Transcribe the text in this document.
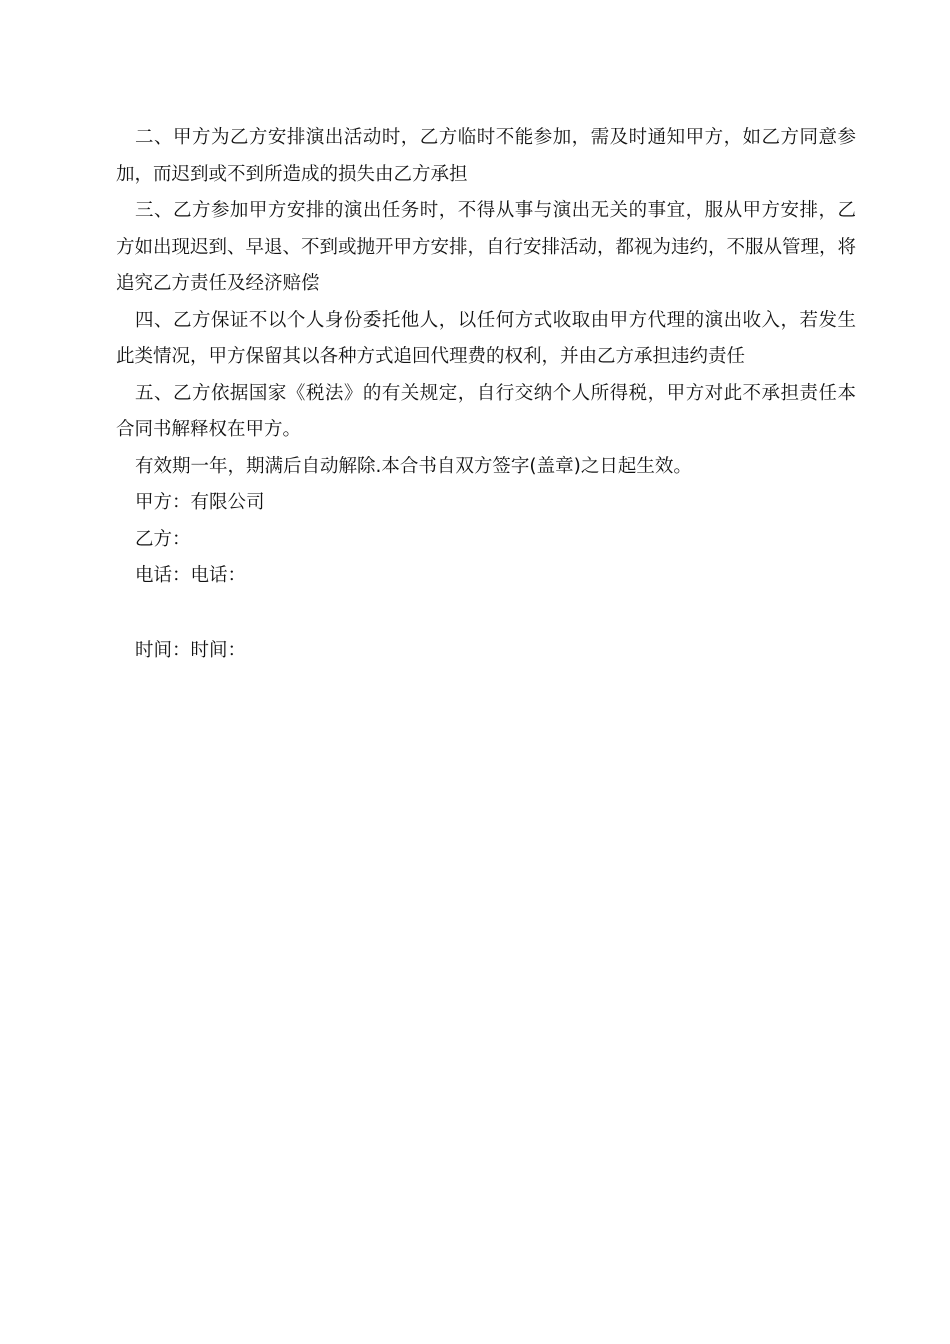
二、甲方为乙方安排演出活动时，乙方临时不能参加，需及时通知甲方，如乙方同意参加，而迟到或不到所造成的损失由乙方承担

三、乙方参加甲方安排的演出任务时，不得从事与演出无关的事宜，服从甲方安排，乙方如出现迟到、早退、不到或抛开甲方安排，自行安排活动，都视为违约，不服从管理，将追究乙方责任及经济赔偿

四、乙方保证不以个人身份委托他人，以任何方式收取由甲方代理的演出收入，若发生此类情况，甲方保留其以各种方式追回代理费的权利，并由乙方承担违约责任

五、乙方依据国家《税法》的有关规定，自行交纳个人所得税，甲方对此不承担责任本合同书解释权在甲方。

有效期一年，期满后自动解除.本合书自双方签字(盖章)之日起生效。

甲方：有限公司

乙方：

电话：电话：

时间：时间：
